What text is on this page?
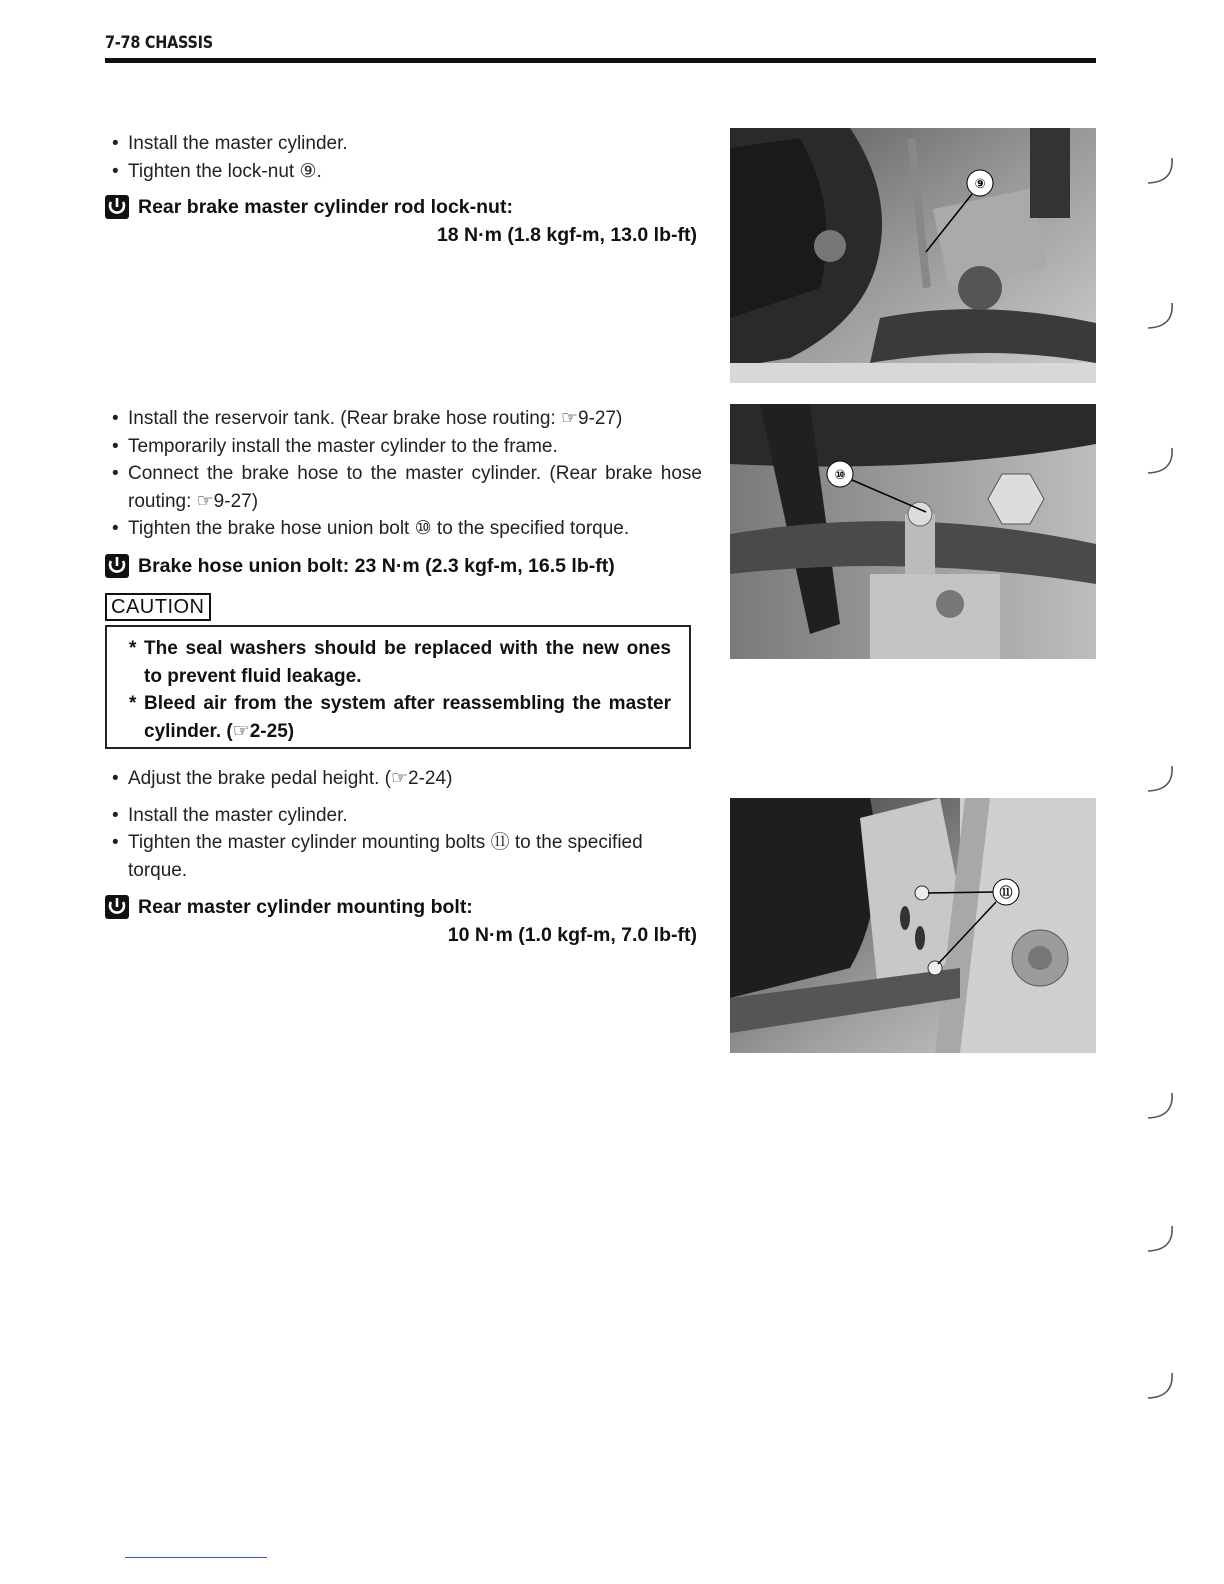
7-78 CHASSIS
• Install the master cylinder.
• Tighten the lock-nut ⑨.
Rear brake master cylinder rod lock-nut:
18 N·m (1.8 kgf-m, 13.0 lb-ft)
• Install the reservoir tank. (Rear brake hose routing: ☞9-27)
• Temporarily install the master cylinder to the frame.
• Connect the brake hose to the master cylinder. (Rear brake hose routing: ☞9-27)
• Tighten the brake hose union bolt ⑩ to the specified torque.
Brake hose union bolt: 23 N·m (2.3 kgf-m, 16.5 lb-ft)
CAUTION
* The seal washers should be replaced with the new ones to prevent fluid leakage.
* Bleed air from the system after reassembling the master cylinder. (☞2-25)
• Adjust the brake pedal height. (☞2-24)
• Install the master cylinder.
• Tighten the master cylinder mounting bolts ⑪ to the specified torque.
Rear master cylinder mounting bolt:
10 N·m (1.0 kgf-m, 7.0 lb-ft)
⑨
⑩
⑪
